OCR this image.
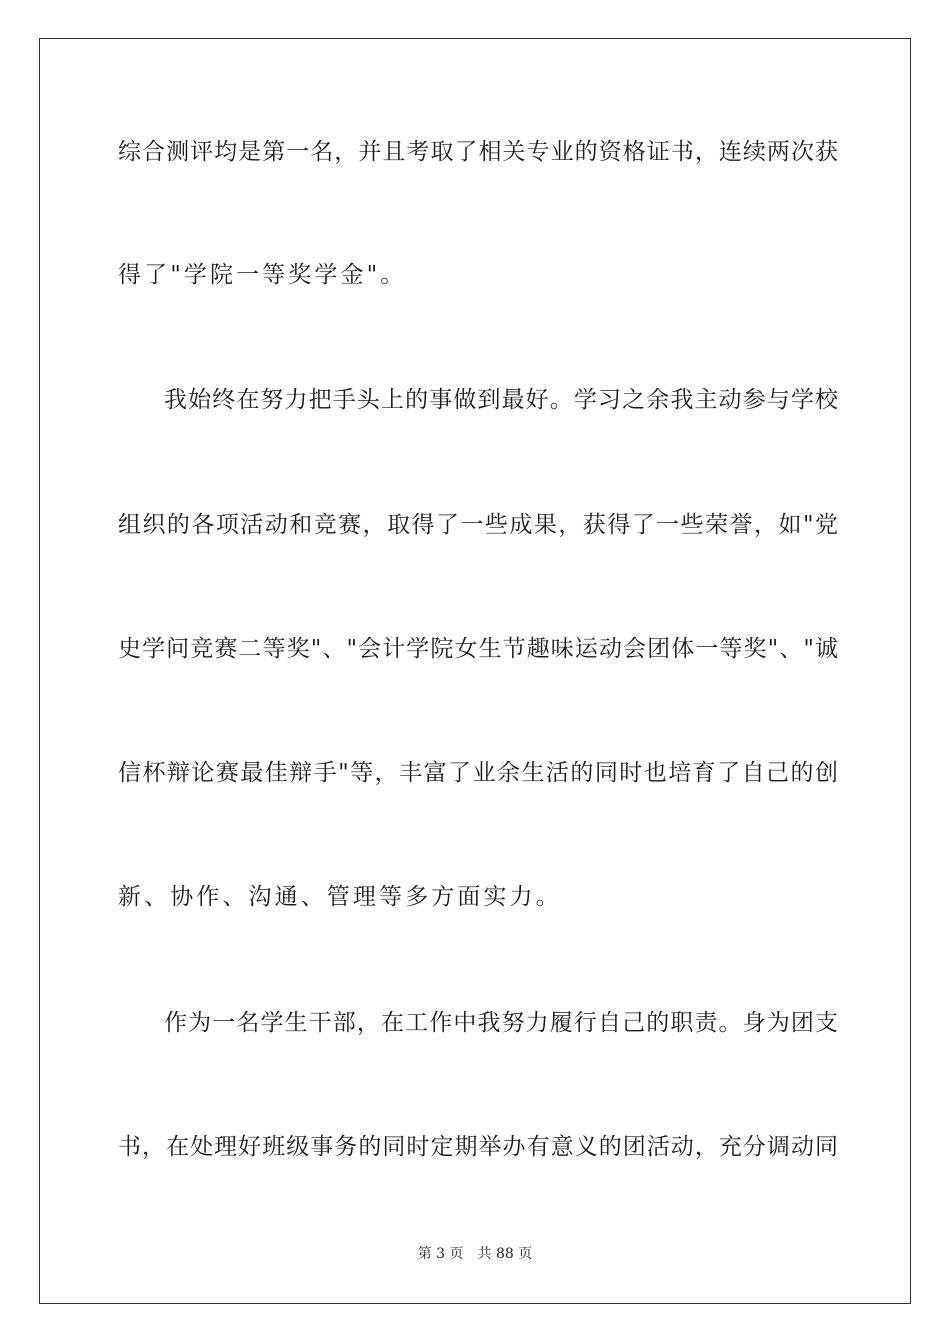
综合测评均是第一名，并且考取了相关专业的资格证书，连续两次获
得了"学院一等奖学金"。
我始终在努力把手头上的事做到最好。学习之余我主动参与学校
组织的各项活动和竞赛，取得了一些成果，获得了一些荣誉，如"党
史学问竞赛二等奖"、"会计学院女生节趣味运动会团体一等奖"、"诚
信杯辩论赛最佳辩手"等，丰富了业余生活的同时也培育了自己的创
新、协作、沟通、管理等多方面实力。
作为一名学生干部，在工作中我努力履行自己的职责。身为团支
书，在处理好班级事务的同时定期举办有意义的团活动，充分调动同
第 3 页 共 88 页
